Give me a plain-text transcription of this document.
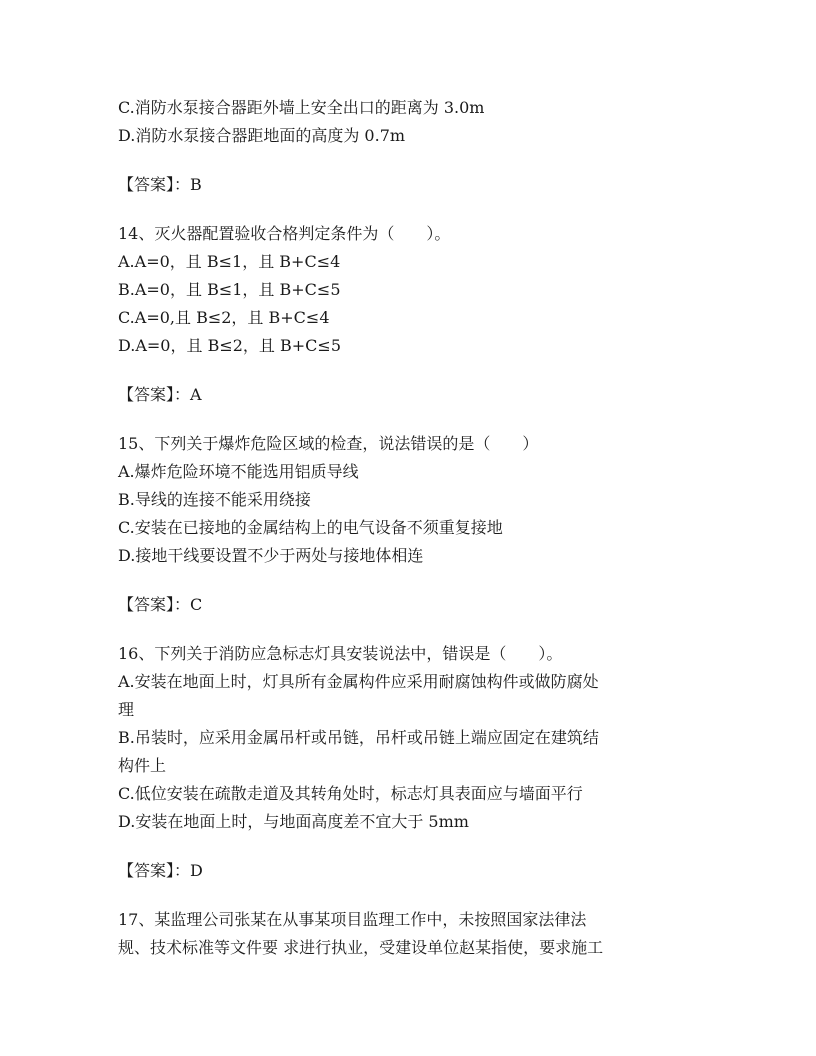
C.消防水泵接合器距外墙上安全出口的距离为 3.0m
D.消防水泵接合器距地面的高度为 0.7m
【答案】：B
14、灭火器配置验收合格判定条件为（　　）。
A.A=0，且 B≤1，且 B+C≤4
B.A=0，且 B≤1，且 B+C≤5
C.A=0,且 B≤2，且 B+C≤4
D.A=0，且 B≤2，且 B+C≤5
【答案】：A
15、下列关于爆炸危险区域的检查，说法错误的是（　　）
A.爆炸危险环境不能选用铝质导线
B.导线的连接不能采用绕接
C.安装在已接地的金属结构上的电气设备不须重复接地
D.接地干线要设置不少于两处与接地体相连
【答案】：C
16、下列关于消防应急标志灯具安装说法中，错误是（　　）。
A.安装在地面上时，灯具所有金属构件应采用耐腐蚀构件或做防腐处
理
B.吊装时，应采用金属吊杆或吊链，吊杆或吊链上端应固定在建筑结
构件上
C.低位安装在疏散走道及其转角处时，标志灯具表面应与墙面平行
D.安装在地面上时，与地面高度差不宜大于 5mm
【答案】：D
17、某监理公司张某在从事某项目监理工作中，未按照国家法律法
规、技术标准等文件要 求进行执业，受建设单位赵某指使，要求施工
